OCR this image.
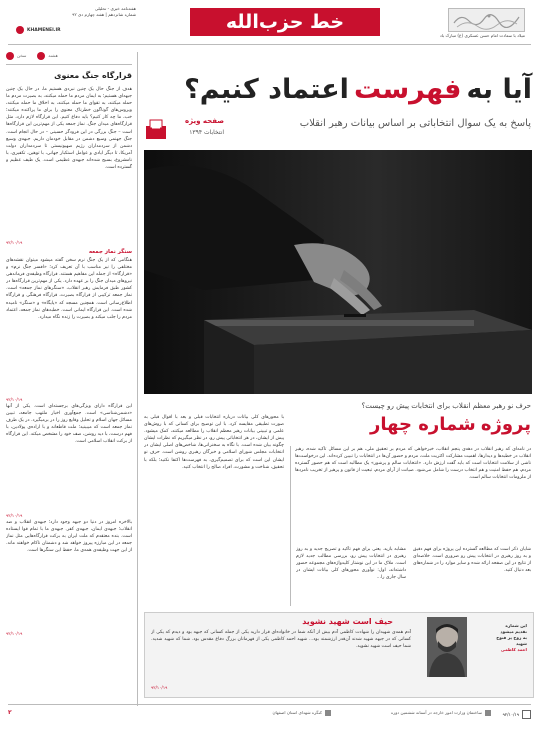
خط حزب‌الله
هفته‌نامه خبری - تحلیلی
شماره شانزدهم | هفته چهارم دی ۹۲
KHAMENEI.IR
میلاد با سعادت امام حسن عسکری (ع) مبارک باد
سخن	هشته
قرارگاه جنگ معنوی
هدف از جنگ حال یک چنین نبردی هستیم ما، در حال یک چنین جبهه‌ای هستیم؛ به ایمان مردم ما حمله میکنند، به بصیرت مردم ما حمله میکنند، به تقوای ما حمله میکنند، به اخلاق ما حمله میکنند، ویروس‌های گوناگون خطرناک معنوی را برای ما پراکنده میکنند؛ خب، ما چه کار کنیم؟ باید دفاع کنیم. این قرارگاه لازم دارد، مثل قرارگاه‌های میدان جنگ. نماز جمعه یکی از مهم‌ترین این قرارگاه‌ها است – جنگ بزرگی در این فرودگر حسینی – در حال انجام است. جنگ جهنمی وسیع دشمن در مقابل خودمان داریم. جبهه‌ی وسیع دشمن از سردمداران رژیم صهیونیستی تا سردمداران دولت آمریکا، تا دیگر ایادی و عوامل استکبار جهانی، با توهین، تکفیری، با نامشروع، بسیج شده‌اند جبهه‌ی عظیمی است. یک طیف عظیم و گسترده است.
۹۲/۱۰/۱۹
سنگر نماز جمعه
هنگامی که از یک جنگ نرم سخن گفته میشود میتوان نقشه‌های مختلفی را نیز مناسب با آن تعریف کرد؛ «افسر جنگ نرم» و «قرارگاه» از جمله این مفاهیم هستند. قرارگاه وظیفه‌ی فرماندهی نیروهای میدان جنگ را بر عهده دارد. یکی از مهم‌ترین قرارگاه‌ها در کشور طبق فرمایش رهبر انقلاب، «سنگرهای نماز جمعه» است. نماز جمعه ترکیبی از قرارگاه بصیرت، قرارگاه فرهنگی و قرارگاه اطلاع‌رسانی است. همچنین مسجد که «پایگاه» و «سنگر» نامیده شده است. این قرارگاه ایمانی است. خطبه‌های نماز جمعه، اعتماد مردم را جلب میکند و بصیرت را زنده نگاه میدارد.
۹۲/۱۰/۱۹
این قرارگاه دارای ویژگی‌های برجسته‌ای است. یکی از آنها «دشمن‌شناسی» است. جمع‌آوری اخبار ملتهب جامعه، تبیین مسائل جهان اسلام و تحلیل وقایع روز را در برمیگیرد. در یک طرف نماز جمعه است که میبینید؛ ملت قاطعانه و با اراده‌ی پولادین، با فهم درست، با دید روشن، صف خود را مشخص میکند. این قرارگاه از برکت انقلاب اسلامی است.
۹۲/۱۰/۱۹
بالاخره امروز در دنیا دو جبهه وجود دارد؛ جبهه‌ی انقلاب و ضد انقلاب؛ جبهه‌ی ایمان، جبهه‌ی کفر. جبهه‌ی ما با تمام قوا ایستاده است. بنده معتقدم که ملت ایران به برکت قرارگاه‌هایی مثل نماز جمعه در این مبارزه پیروز خواهد شد و دشمنان ناکام خواهند ماند. از این جهت وظیفه‌ی همه‌ی ما، حفظ این سنگرها است.
۹۲/۱۰/۱۹
آیا به فهرست اعتماد کنیم؟
پاسخ به یک سوال انتخاباتی بر اساس بیانات رهبر انقلاب
صفحه ویژه
انتخابات ۱۳۹۴
حرف نو رهبر معظم انقلاب برای انتخابات پیش رو چیست؟
پروژه شماره چهار
در نامه‌ای که رهبر انقلاب در دهه‌ی پنجم انقلاب، خیرخواهی که مردم بر تحقیق ملی، هم بر این مسائل تأکید شده، رهبر انقلاب در خطبه‌ها و دیدارها، اهمیت مشارکت اکثریت ملت، مردم و حضور آن‌ها در انتخابات را تبیین کرده‌اند. این درخواست‌ها ناشی از سلامت انتخابات است که باید گفت ارزش دارد. «انتخابات سالم و پرشور» یک مطالبه است که هم حضور گسترده مردم، هم حفظ امنیت و هم انتخاب درست را شامل می‌شود. صیانت از آرای مردم، تبعیت از قانون و پرهیز از تخریب نامزدها از ملزومات انتخابات سالم است.
با محورهای کلی بیانات درباره انتخابات قبلی و بعد با اقوال قبلی به صورت تطبیقی مقایسه کرد. با این توضیح برای کسانی که با روش‌های علمی و تبیینی بیانات رهبر معظم انقلاب را مطالعه میکنند، کمک میشود. پیش از ایشان، در هر انتخاباتی پیش رو، در نظر میگیریم که نظرات ایشان چگونه بیان شده است. با نگاه به سخنرانی‌ها، شاخص‌های اصلی ایشان در انتخابات مجلس شورای اسلامی و خبرگان رهبری روشن است. حرف نو ایشان این است که برای تصمیم‌گیری، به فهرست‌ها اکتفا نکنید؛ بلکه با تحقیق، شناخت و مشورت، افراد صالح را انتخاب کنید.
مشابه بازید. یعنی برای فهم تأکید و تصریح جدید و به روز رهبری در انتخابات پیش رو، بررسی مطالب جدید لازم است. ملاک ما در این نوشتار کلیدواژه‌های مجموعه حضور داشته‌اند، اول: نوآوری محورهای کلی بیانات ایشان در سال جاری را...
شایان ذکر است که مطالعه گسترده این پروژه برای فهم دقیق و به روز رهبری در انتخابات پیش رو ضروری است. خلاصه‌ای از نتایج در این صفحه ارائه شده و سایر موارد را در شماره‌های بعد دنبال کنید.
حیف است شهید نشوید	این شماره
تقدیم میشود
به روح پر فتوح
شهید
احمد کاظمی
آدم همه‌ی شهیدان را شهادت کاظمی آدم بیش از آنکه شما در خانواده‌ای قرار دارید یکی از جمله کسانی که جبهه بود و دیدم که یکی از کسانی که در جبهه شهید شدند آن‌قدر ارزشمند بود... شهید احمد کاظمی یکی از قهرمانان بزرگ دفاع مقدس بود. شما که شهید شدید. شما حیف است شهید نشوید.
۹۲/۱۰/۱۹
۹۲/۱۰/۱۹
ساختمان وزارت امور خارجه در آستانه ششمین دوره
کنگره شهدای استان اصفهان
۲
